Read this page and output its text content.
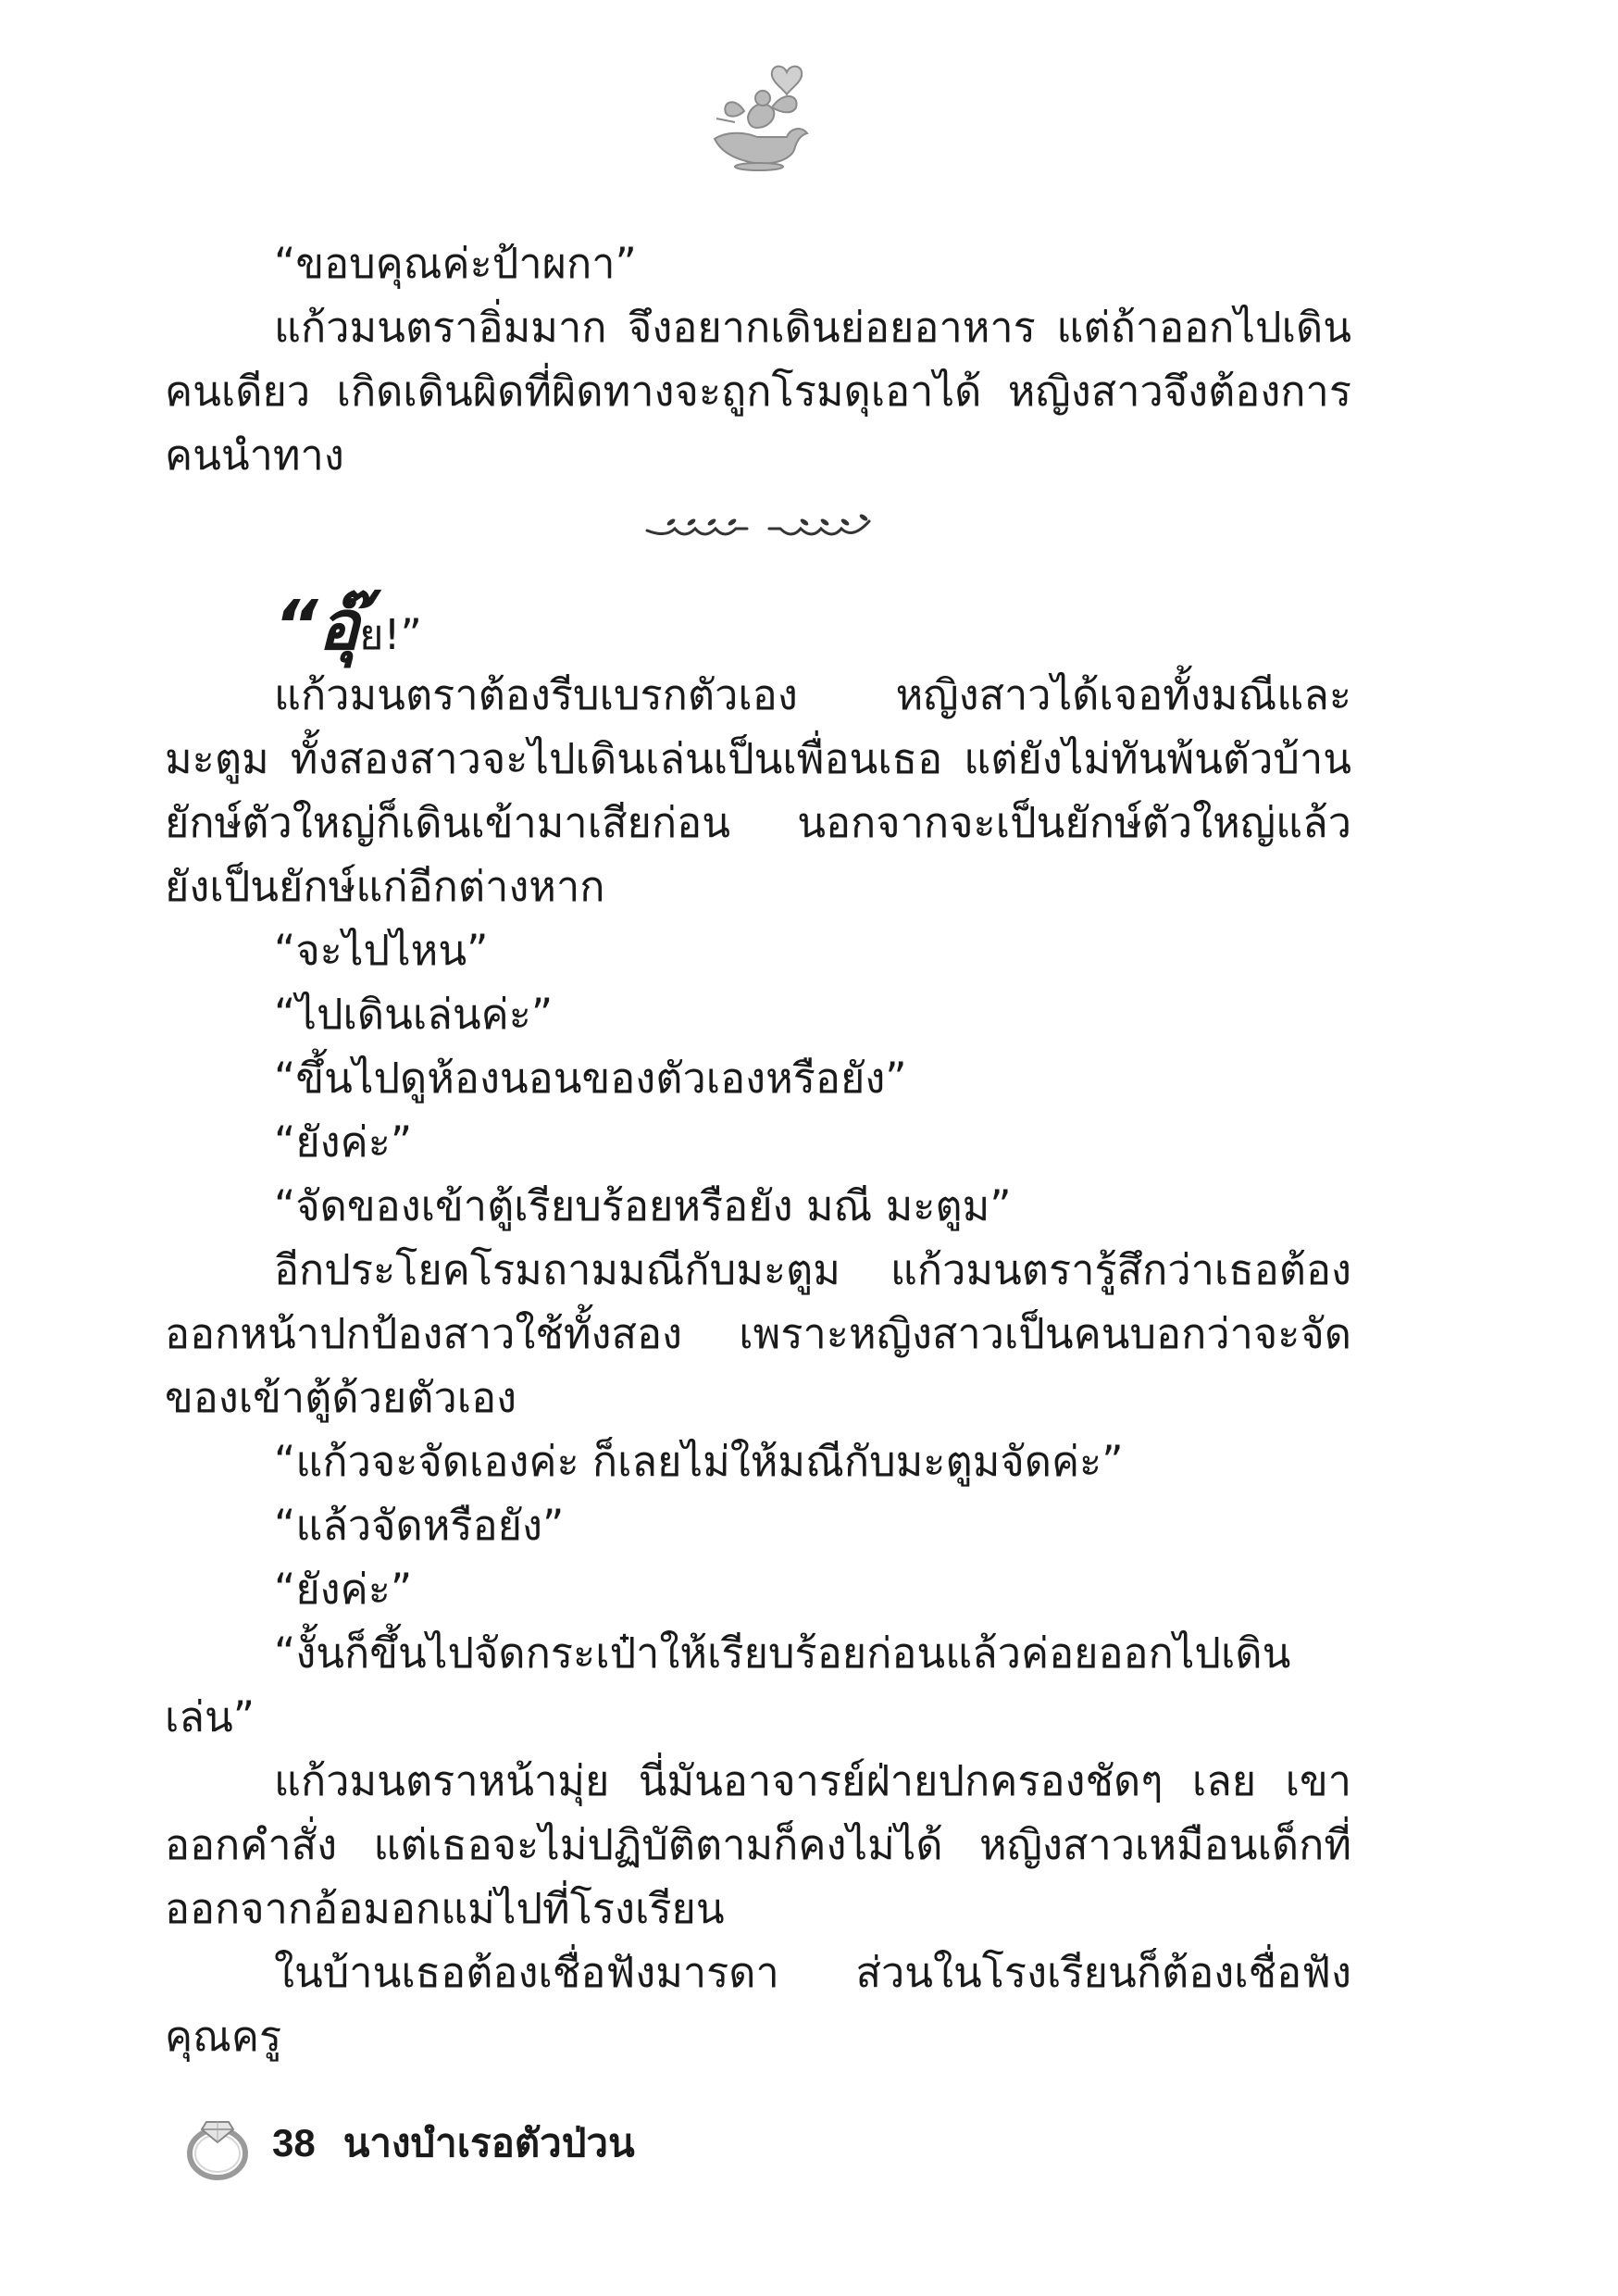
“ขอบคุณค่ะป้าผกา”

แก้วมนตราอิ่มมาก จึงอยากเดินย่อยอาหาร แต่ถ้าออกไปเดินคนเดียว เกิดเดินผิดที่ผิดทางจะถูกโรมดุเอาได้ หญิงสาวจึงต้องการคนนำทาง

“อุ๊ ย!”

แก้วมนตราต้องรีบเบรกตัวเอง หญิงสาวได้เจอทั้งมณีและมะตูม ทั้งสองสาวจะไปเดินเล่นเป็นเพื่อนเธอ แต่ยังไม่ทันพ้นตัวบ้าน ยักษ์ตัวใหญ่ก็เดินเข้ามาเสียก่อน นอกจากจะเป็นยักษ์ตัวใหญ่แล้ว ยังเป็นยักษ์แก่อีกต่างหาก

“จะไปไหน”

“ไปเดินเล่นค่ะ”

“ขึ้นไปดูห้องนอนของตัวเองหรือยัง”

“ยังค่ะ”

“จัดของเข้าตู้เรียบร้อยหรือยัง มณี มะตูม”

อีกประโยคโรมถามมณีกับมะตูม แก้วมนตรารู้สึกว่าเธอต้องออกหน้าปกป้องสาวใช้ทั้งสอง เพราะหญิงสาวเป็นคนบอกว่าจะจัดของเข้าตู้ด้วยตัวเอง

“แก้วจะจัดเองค่ะ ก็เลยไม่ให้มณีกับมะตูมจัดค่ะ”

“แล้วจัดหรือยัง”

“ยังค่ะ”

“งั้นก็ขึ้นไปจัดกระเป๋าให้เรียบร้อยก่อนแล้วค่อยออกไปเดินเล่น”

แก้วมนตราหน้ามุ่ย นี่มันอาจารย์ฝ่ายปกครองชัดๆ เลย เขาออกคำสั่ง แต่เธอจะไม่ปฏิบัติตามก็คงไม่ได้ หญิงสาวเหมือนเด็กที่ออกจากอ้อมอกแม่ไปที่โรงเรียน

ในบ้านเธอต้องเชื่อฟังมารดา ส่วนในโรงเรียนก็ต้องเชื่อฟังคุณครู

38 นางบำเรอตัวป่วน
